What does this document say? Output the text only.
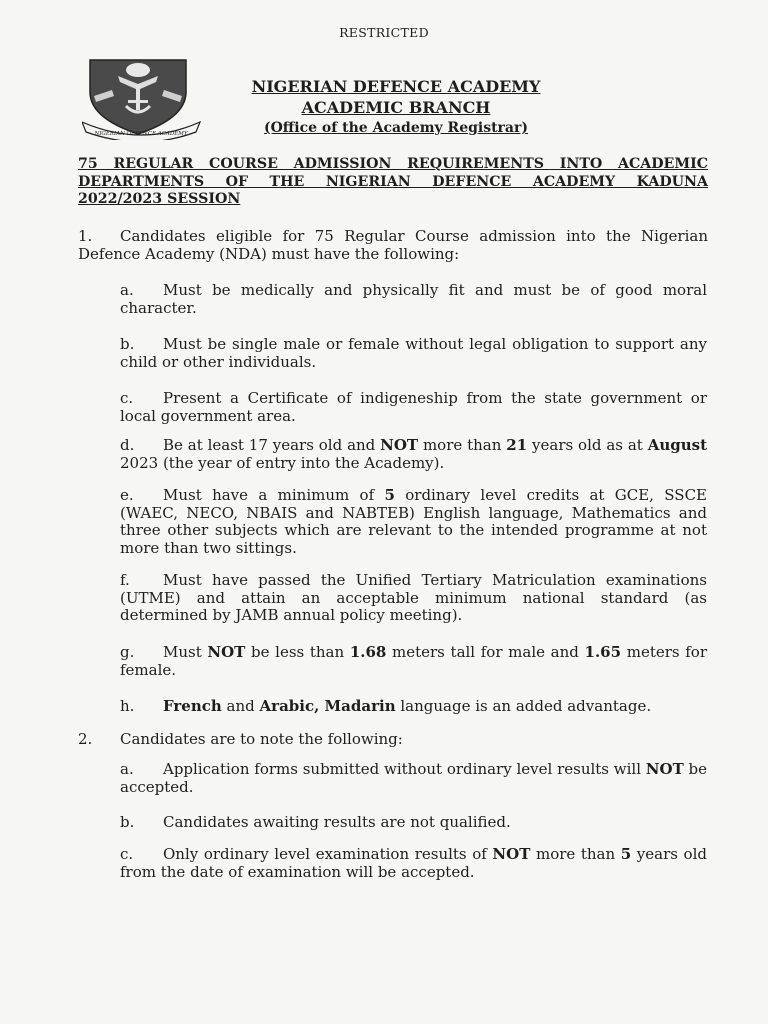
RESTRICTED
NIGERIAN DEFENCE ACADEMY
NIGERIAN DEFENCE ACADEMY
ACADEMIC BRANCH
(Office of the Academy Registrar)
75 REGULAR COURSE ADMISSION REQUIREMENTS INTO ACADEMIC
DEPARTMENTS OF THE NIGERIAN DEFENCE ACADEMY KADUNA
2022/2023 SESSION
1. Candidates eligible for 75 Regular Course admission into the Nigerian Defence Academy (NDA) must have the following:
a. Must be medically and physically fit and must be of good moral character.
b. Must be single male or female without legal obligation to support any child or other individuals.
c. Present a Certificate of indigeneship from the state government or local government area.
d. Be at least 17 years old and NOT more than 21 years old as at August 2023 (the year of entry into the Academy).
e. Must have a minimum of 5 ordinary level credits at GCE, SSCE (WAEC, NECO, NBAIS and NABTEB) English language, Mathematics and three other subjects which are relevant to the intended programme at not more than two sittings.
f. Must have passed the Unified Tertiary Matriculation examinations (UTME) and attain an acceptable minimum national standard (as determined by JAMB annual policy meeting).
g. Must NOT be less than 1.68 meters tall for male and 1.65 meters for female.
h. French and Arabic, Madarin language is an added advantage.
2. Candidates are to note the following:
a. Application forms submitted without ordinary level results will NOT be accepted.
b. Candidates awaiting results are not qualified.
c. Only ordinary level examination results of NOT more than 5 years old from the date of examination will be accepted.
